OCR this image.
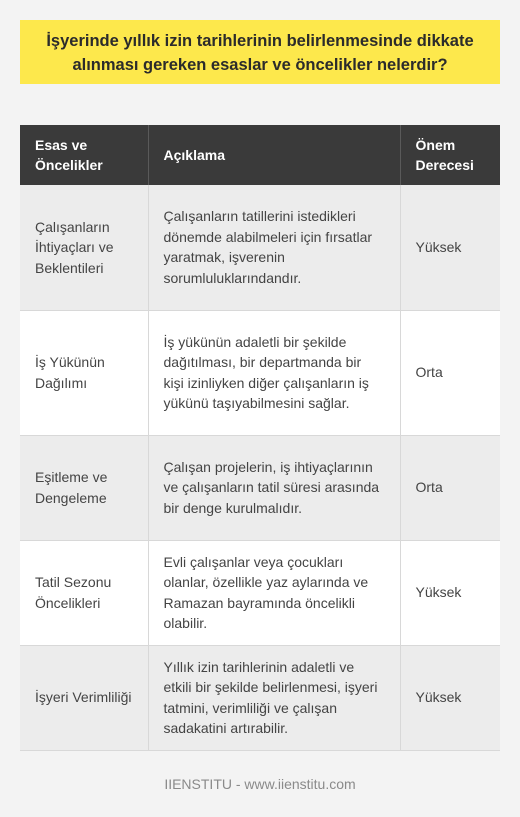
İşyerinde yıllık izin tarihlerinin belirlenmesinde dikkate alınması gereken esaslar ve öncelikler nelerdir?
Esas ve Öncelikler	Açıklama	Önem Derecesi
Çalışanların İhtiyaçları ve Beklentileri	Çalışanların tatillerini istedikleri dönemde alabilmeleri için fırsatlar yaratmak, işverenin sorumluluklarındandır.	Yüksek
İş Yükünün Dağılımı	İş yükünün adaletli bir şekilde dağıtılması, bir departmanda bir kişi izinliyken diğer çalışanların iş yükünü taşıyabilmesini sağlar.	Orta
Eşitleme ve Dengeleme	Çalışan projelerin, iş ihtiyaçlarının ve çalışanların tatil süresi arasında bir denge kurulmalıdır.	Orta
Tatil Sezonu Öncelikleri	Evli çalışanlar veya çocukları olanlar, özellikle yaz aylarında ve Ramazan bayramında öncelikli olabilir.	Yüksek
İşyeri Verimliliği	Yıllık izin tarihlerinin adaletli ve etkili bir şekilde belirlenmesi, işyeri tatmini, verimliliği ve çalışan sadakatini artırabilir.	Yüksek
IIENSTITU - www.iienstitu.com
